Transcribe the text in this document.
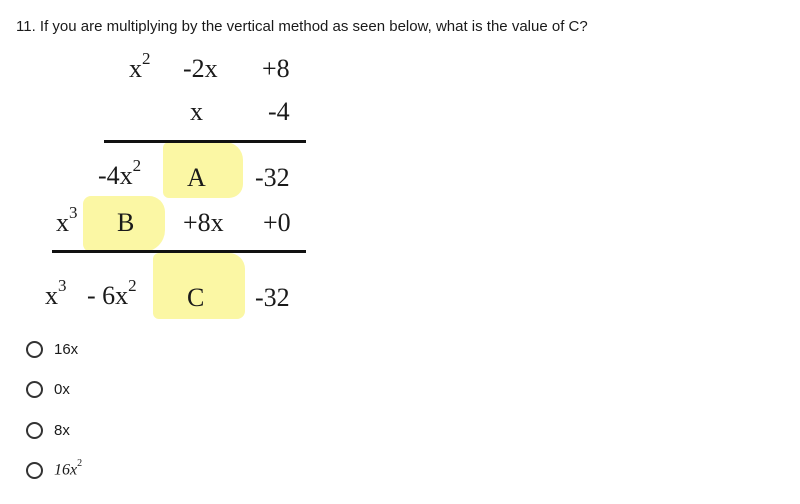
11. If you are multiplying by the vertical method as seen below, what is the value of C?
$x^2$ -2x +8
x	-4
$-4x^2$ A -32
$x^3$ B +8x +0
$x^3 - 6x^2$ C -32
16x
0x
8x
$16x^2$
